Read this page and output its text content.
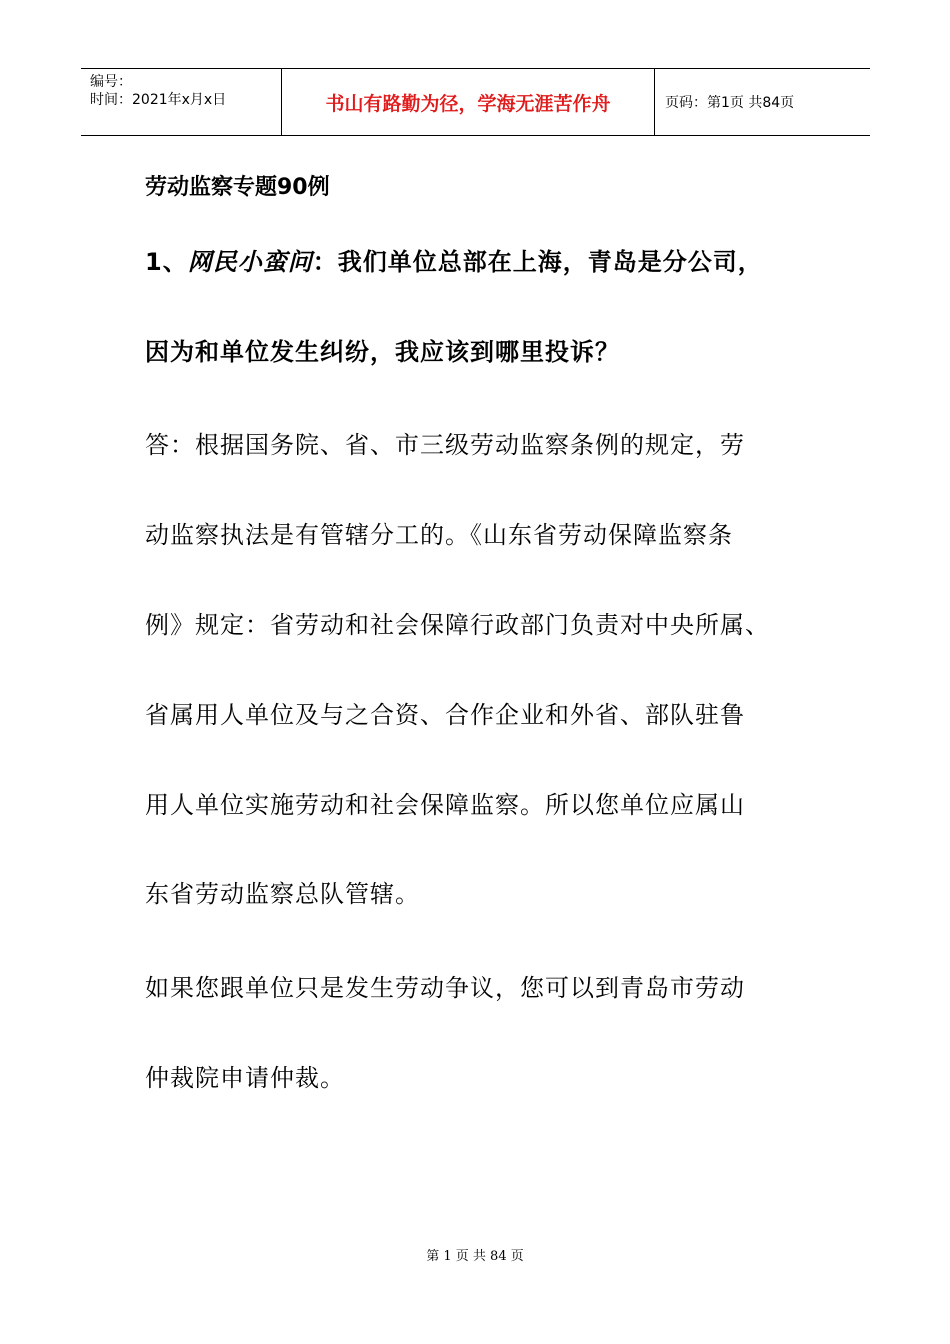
编号：
时间：2021年x月x日	书山有路勤为径，学海无涯苦作舟	页码：第1页 共84页
劳动监察专题90例
1、网民小蛮问：我们单位总部在上海，青岛是分公司，
因为和单位发生纠纷，我应该到哪里投诉？
答：根据国务院、省、市三级劳动监察条例的规定，劳
动监察执法是有管辖分工的。《山东省劳动保障监察条
例》规定：省劳动和社会保障行政部门负责对中央所属、
省属用人单位及与之合资、合作企业和外省、部队驻鲁
用人单位实施劳动和社会保障监察。所以您单位应属山
东省劳动监察总队管辖。
如果您跟单位只是发生劳动争议，您可以到青岛市劳动
仲裁院申请仲裁。
第 1 页 共 84 页
